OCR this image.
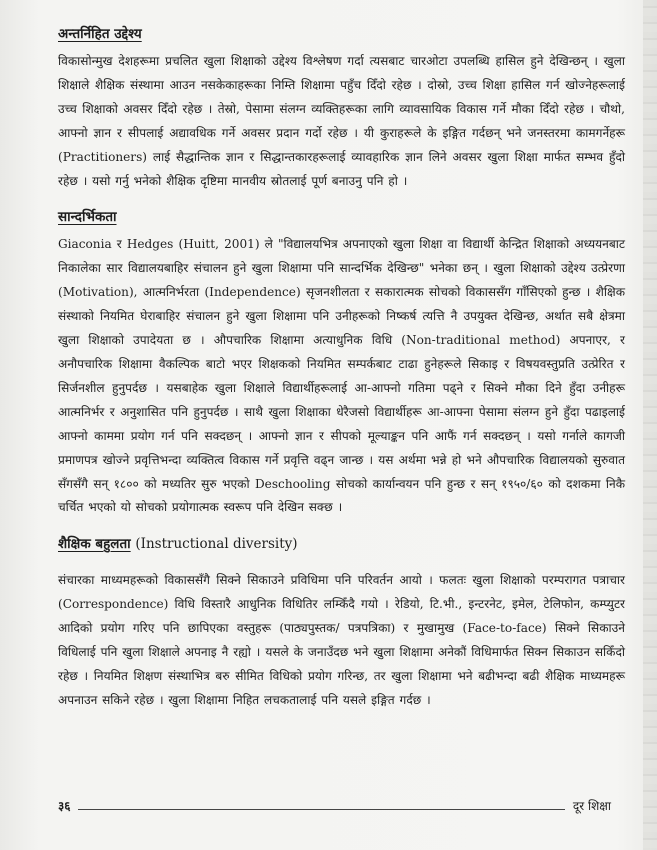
अन्तर्निहित उद्देश्य

विकासोन्मुख देशहरूमा प्रचलित खुला शिक्षाको उद्देश्य विश्लेषण गर्दा त्यसबाट चारओटा उपलब्धि हासिल हुने देखिन्छन् । खुला शिक्षाले शैक्षिक संस्थामा आउन नसकेकाहरूका निम्ति शिक्षामा पहुँच दिँदो रहेछ । दोस्रो, उच्च शिक्षा हासिल गर्न खोज्नेहरूलाई उच्च शिक्षाको अवसर दिँदो रहेछ । तेस्रो, पेसामा संलग्न व्यक्तिहरूका लागि व्यावसायिक विकास गर्ने मौका दिँदो रहेछ । चौथो, आफ्नो ज्ञान र सीपलाई अद्यावधिक गर्ने अवसर प्रदान गर्दो रहेछ । यी कुराहरूले के इङ्गित गर्दछन् भने जनस्तरमा कामगर्नेहरू (Practitioners) लाई सैद्धान्तिक ज्ञान र सिद्धान्तकारहरूलाई व्यावहारिक ज्ञान लिने अवसर खुला शिक्षा मार्फत सम्भव हुँदो रहेछ । यसो गर्नु भनेको शैक्षिक दृष्टिमा मानवीय स्रोतलाई पूर्ण बनाउनु पनि हो ।

सान्दर्भिकता

Giaconia र Hedges (Huitt, 2001) ले "विद्यालयभित्र अपनाएको खुला शिक्षा वा विद्यार्थी केन्द्रित शिक्षाको अध्ययनबाट निकालेका सार विद्यालयबाहिर संचालन हुने खुला शिक्षामा पनि सान्दर्भिक देखिन्छ" भनेका छन् । खुला शिक्षाको उद्देश्य उत्प्रेरणा (Motivation), आत्मनिर्भरता (Independence) सृजनशीलता र सकारात्मक सोचको विकाससँग गाँसिएको हुन्छ । शैक्षिक संस्थाको नियमित घेराबाहिर संचालन हुने खुला शिक्षामा पनि उनीहरूको निष्कर्ष त्यत्ति नै उपयुक्त देखिन्छ, अर्थात सबै क्षेत्रमा खुला शिक्षाको उपादेयता छ । औपचारिक शिक्षामा अत्याधुनिक विधि (Non-traditional method) अपनाएर, र अनौपचारिक शिक्षामा वैकल्पिक बाटो भएर शिक्षकको नियमित सम्पर्कबाट टाढा हुनेहरूले सिकाइ र विषयवस्तुप्रति उत्प्रेरित र सिर्जनशील हुनुपर्दछ । यसबाहेक खुला शिक्षाले विद्यार्थीहरूलाई आ-आफ्नो गतिमा पढ्ने र सिक्ने मौका दिने हुँदा उनीहरू आत्मनिर्भर र अनुशासित पनि हुनुपर्दछ । साथै खुला शिक्षाका धेरैजसो विद्यार्थीहरू आ-आफ्ना पेसामा संलग्न हुने हुँदा पढाइलाई आफ्नो काममा प्रयोग गर्न पनि सक्दछन् । आफ्नो ज्ञान र सीपको मूल्याङ्कन पनि आफैं गर्न सक्दछन् । यसो गर्नाले कागजी प्रमाणपत्र खोज्ने प्रवृत्तिभन्दा व्यक्तित्व विकास गर्ने प्रवृत्ति वढ्न जान्छ । यस अर्थमा भन्ने हो भने औपचारिक विद्यालयको सुरुवात सँगसँगै सन् १८०० को मध्यतिर सुरु भएको Deschooling सोचको कार्यान्वयन पनि हुन्छ र सन् १९५०/६० को दशकमा निकै चर्चित भएको यो सोचको प्रयोगात्मक स्वरूप पनि देखिन सक्छ ।

शैक्षिक बहुलता (Instructional diversity)

संचारका माध्यमहरूको विकाससँगै सिक्ने सिकाउने प्रविधिमा पनि परिवर्तन आयो । फलतः खुला शिक्षाको परम्परागत पत्राचार (Correspondence) विधि विस्तारै आधुनिक विधितिर लम्किँदै गयो । रेडियो, टि.भी., इन्टरनेट, इमेल, टेलिफोन, कम्प्युटर आदिको प्रयोग गरिए पनि छापिएका वस्तुहरू (पाठ्यपुस्तक/ पत्रपत्रिका) र मुखामुख (Face-to-face) सिक्ने सिकाउने विधिलाई पनि खुला शिक्षाले अपनाइ नै रह्यो । यसले के जनाउँदछ भने खुला शिक्षामा अनेकौं विधिमार्फत सिक्न सिकाउन सकिँदो रहेछ । नियमित शिक्षण संस्थाभित्र बरु सीमित विधिको प्रयोग गरिन्छ, तर खुला शिक्षामा भने बढीभन्दा बढी शैक्षिक माध्यमहरू अपनाउन सकिने रहेछ । खुला शिक्षामा निहित लचकतालाई पनि यसले इङ्गित गर्दछ ।

३६	दूर शिक्षा
